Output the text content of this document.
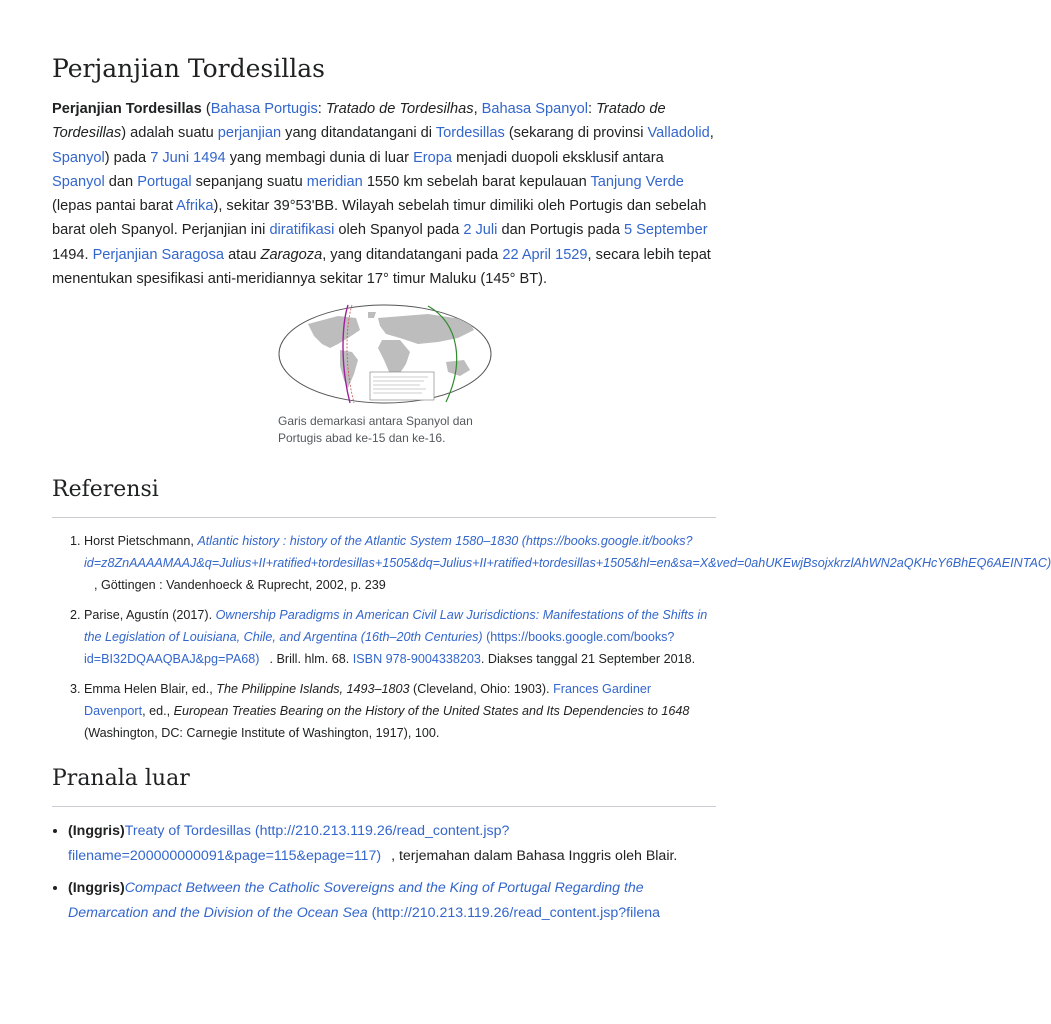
Perjanjian Tordesillas

Perjanjian Tordesillas (Bahasa Portugis: Tratado de Tordesilhas, Bahasa Spanyol: Tratado de Tordesillas) adalah suatu perjanjian yang ditandatangani di Tordesillas (sekarang di provinsi Valladolid, Spanyol) pada 7 Juni 1494 yang membagi dunia di luar Eropa menjadi duopoli eksklusif antara Spanyol dan Portugal sepanjang suatu meridian 1550 km sebelah barat kepulauan Tanjung Verde (lepas pantai barat Afrika), sekitar 39°53'BB. Wilayah sebelah timur dimiliki oleh Portugis dan sebelah barat oleh Spanyol. Perjanjian ini diratifikasi oleh Spanyol pada 2 Juli dan Portugis pada 5 September 1494. Perjanjian Saragosa atau Zaragoza, yang ditandatangani pada 22 April 1529, secara lebih tepat menentukan spesifikasi anti-meridiannya sekitar 17° timur Maluku (145° BT).

Garis demarkasi antara Spanyol dan Portugis abad ke-15 dan ke-16.
Referensi
1. Horst Pietschmann, Atlantic history : history of the Atlantic System 1580–1830 (https://books.google.it/books?id=z8ZnAAAAMAAJ&q=Julius+II+ratified+tordesillas+1505&dq=Julius+II+ratified+tordesillas+1505&hl=en&sa=X&ved=0ahUKEwjBsojxkrzlAhWN2aQKHcY6BhEQ6AEINTAC), Göttingen : Vandenhoeck & Ruprecht, 2002, p. 239
2. Parise, Agustín (2017). Ownership Paradigms in American Civil Law Jurisdictions: Manifestations of the Shifts in the Legislation of Louisiana, Chile, and Argentina (16th–20th Centuries) (https://books.google.com/books?id=BI32DQAAQBAJ&pg=PA68) . Brill. hlm. 68. ISBN 978-9004338203. Diakses tanggal 21 September 2018.
3. Emma Helen Blair, ed., The Philippine Islands, 1493–1803 (Cleveland, Ohio: 1903). Frances Gardiner Davenport, ed., European Treaties Bearing on the History of the United States and Its Dependencies to 1648 (Washington, DC: Carnegie Institute of Washington, 1917), 100.
Pranala luar
• (Inggris)Treaty of Tordesillas (http://210.213.119.26/read_content.jsp?filename=200000000091&page=115&epage=117) , terjemahan dalam Bahasa Inggris oleh Blair.
• (Inggris)Compact Between the Catholic Sovereigns and the King of Portugal Regarding the Demarcation and the Division of the Ocean Sea (http://210.213.119.26/read_content.jsp?filena
